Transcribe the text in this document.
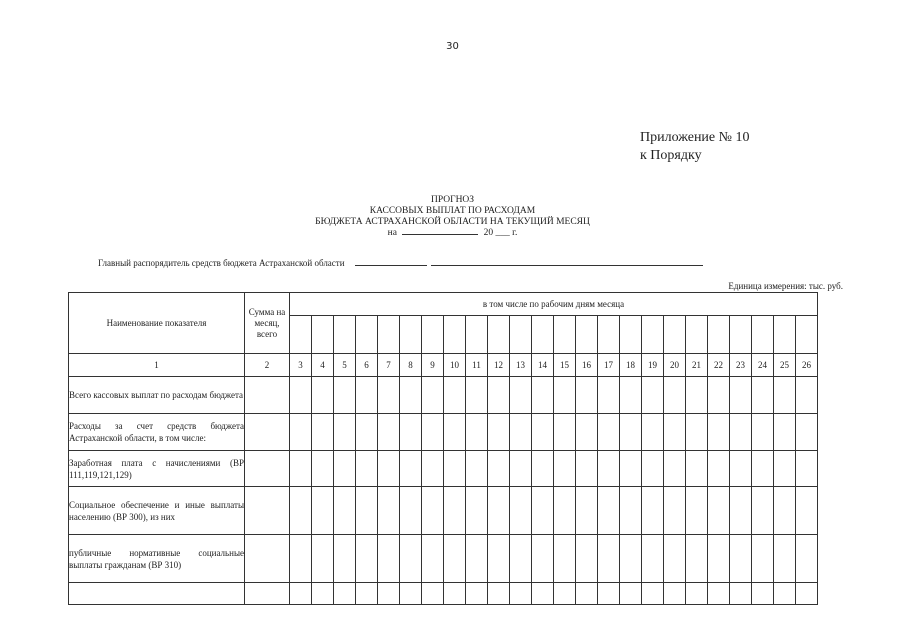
30
Приложение № 10
к Порядку
ПРОГНОЗ
КАССОВЫХ ВЫПЛАТ ПО РАСХОДАМ
БЮДЖЕТА АСТРАХАНСКОЙ ОБЛАСТИ НА ТЕКУЩИЙ МЕСЯЦ
на	20 ___ г.
Главный распорядитель средств бюджета Астраханской области
Единица измерения: тыс. руб.
Наименование показателя	Сумма на месяц, всего	в том числе по рабочим дням месяца																							

1	2	3	4	5	6	7	8	9	10	11	12	13	14	15	16	17	18	19	20	21	22	23	24	25	26
Всего кассовых выплат по расходам бюджета																									
Расходы за счет средств бюджета Астраханской области, в том числе:																									
Заработная плата с начислениями (ВР 111,119,121,129)																									
Социальное обеспечение и иные выплаты населению (ВР 300), из них																									
публичные нормативные социальные выплаты гражданам (ВР 310)																									
